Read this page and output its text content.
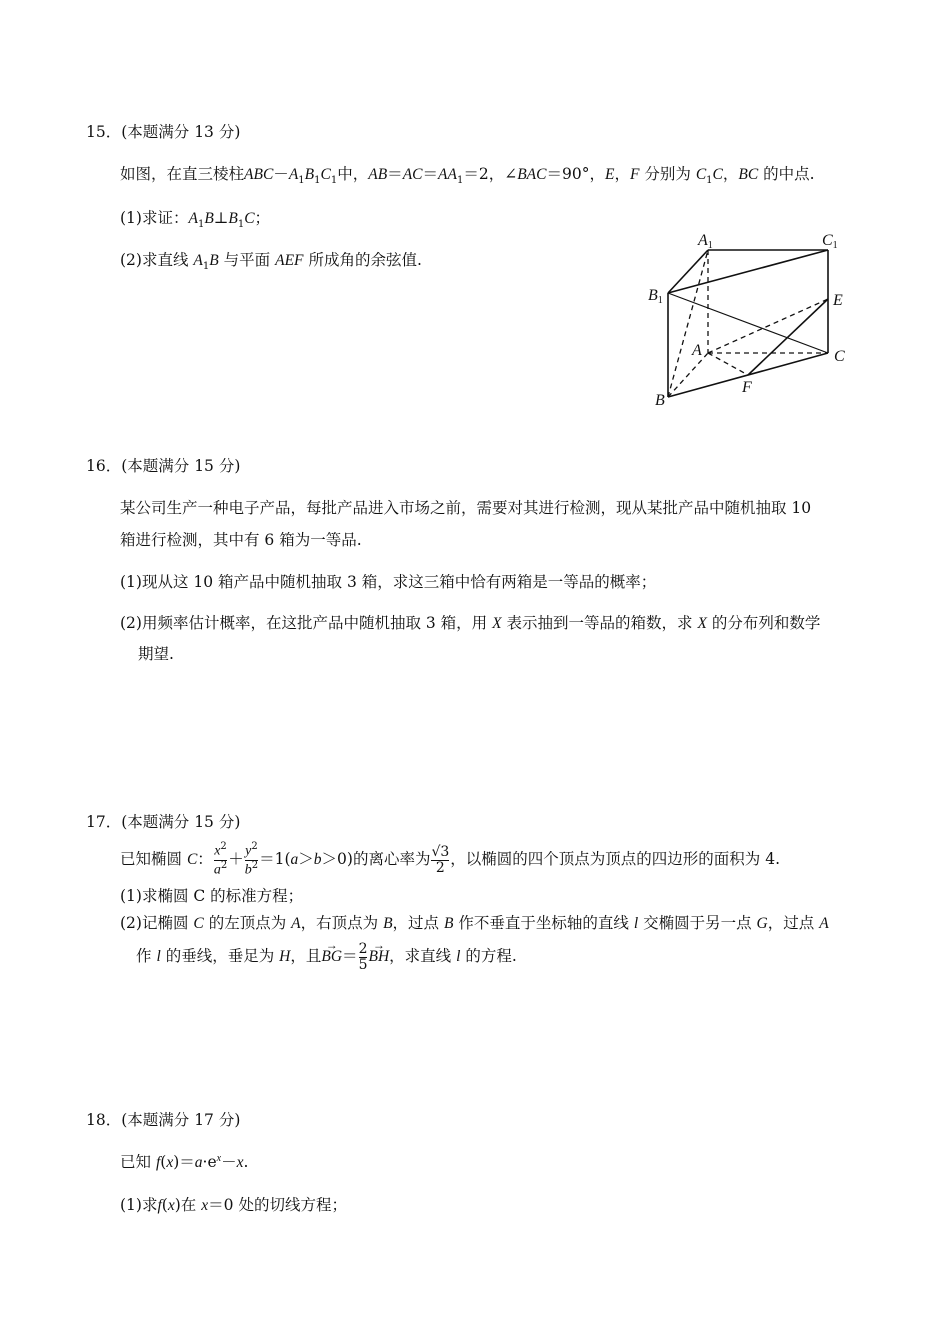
15．(本题满分 13 分)
如图，在直三棱柱$ABC-A_1B_1C_1$中，$AB=AC=AA_1=2$，∠BAC＝90°，E，F 分别为 $C_1C$，BC 的中点.
(1)求证：$A_1B\perp B_1C$；
(2)求直线 $A_1B$ 与平面 AEF 所成角的余弦值.
A1	C1
B1	E
A	C
F
B
16．(本题满分 15 分)
某公司生产一种电子产品，每批产品进入市场之前，需要对其进行检测，现从某批产品中随机抽取 10
箱进行检测，其中有 6 箱为一等品.
(1)现从这 10 箱产品中随机抽取 3 箱，求这三箱中恰有两箱是一等品的概率；
(2)用频率估计概率，在这批产品中随机抽取 3 箱，用 X 表示抽到一等品的箱数，求 X 的分布列和数学
期望.
17．(本题满分 15 分)
已知椭圆 C： $\frac{x^2}{a^2} + \frac{y^2}{b^2} =1(a>b>0)$的离心率为 $\frac{√3}{2}$ ，以椭圆的四个顶点为顶点的四边形的面积为 4.
(1)求椭圆 C 的标准方程；
(2)记椭圆 C 的左顶点为 A，右顶点为 B，过点 B 作不垂直于坐标轴的直线 l 交椭圆于另一点 G，过点 A
作 l 的垂线，垂足为 H，且→ $BG= \frac{2}{5}$
→ BH，求直线 l 的方程.
18．(本题满分 17 分)
已知 $f(x)=a\cdot e^x-x$.
(1)求f(x)在 x＝0 处的切线方程；
